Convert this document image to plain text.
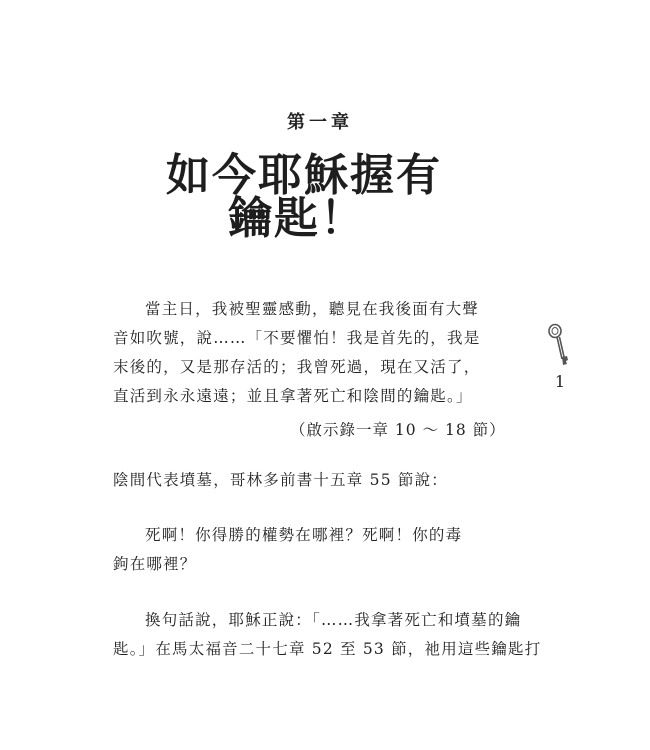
第一章
如今耶穌握有
鑰匙！
當主日，我被聖靈感動，聽見在我後面有大聲
音如吹號，說……「不要懼怕！我是首先的，我是
末後的，又是那存活的；我曾死過，現在又活了，
直活到永永遠遠；並且拿著死亡和陰間的鑰匙。」
（啟示錄一章 10 ～ 18 節）
陰間代表墳墓，哥林多前書十五章 55 節說：
死啊！你得勝的權勢在哪裡？死啊！你的毒
鉤在哪裡？
換句話說，耶穌正說：「……我拿著死亡和墳墓的鑰
匙。」在馬太福音二十七章 52 至 53 節，祂用這些鑰匙打
1
